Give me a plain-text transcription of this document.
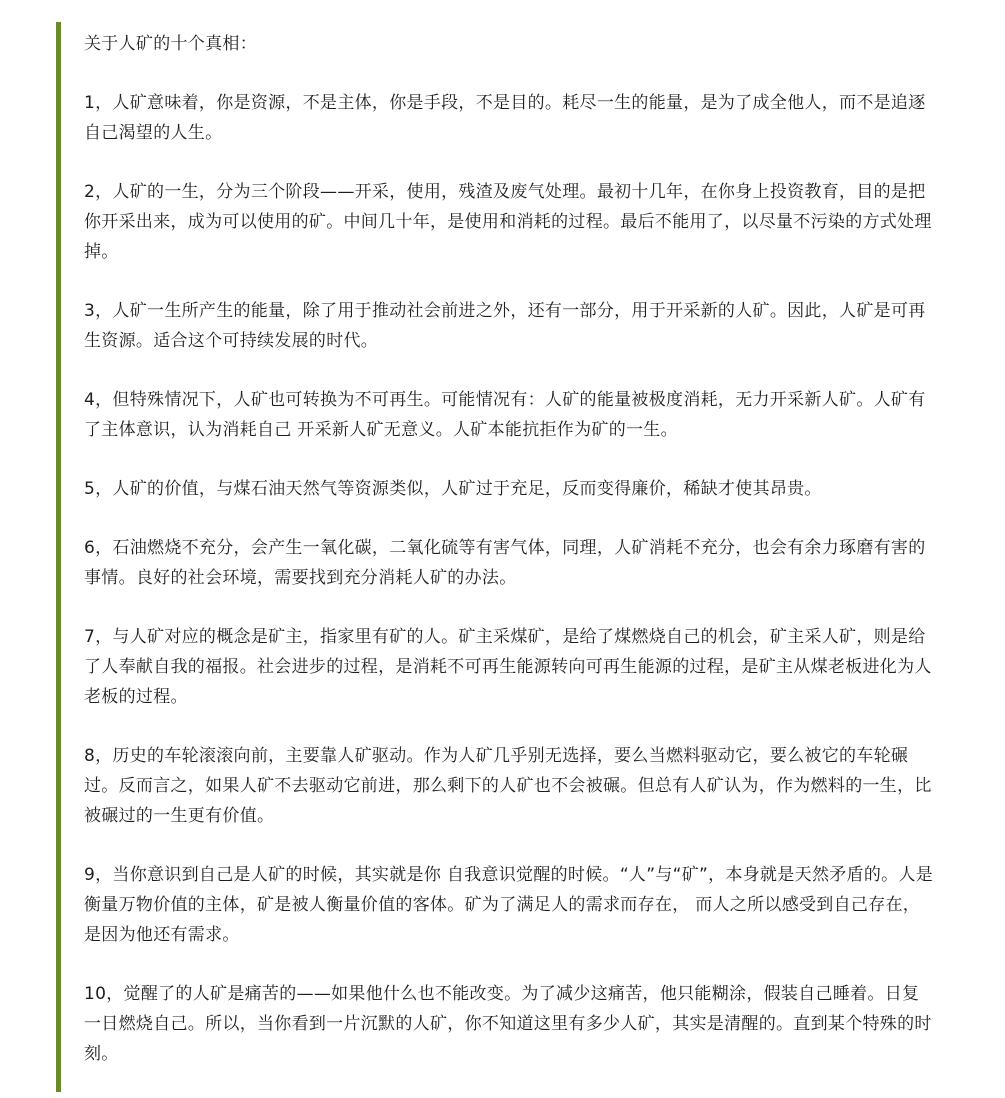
关于人矿的十个真相：
1，人矿意味着，你是资源，不是主体，你是手段，不是目的。耗尽一生的能量，是为了成全他人，而不是追逐
自己渴望的人生。
2，人矿的一生，分为三个阶段——开采，使用，残渣及废气处理。最初十几年，在你身上投资教育，目的是把
你开采出来，成为可以使用的矿。中间几十年，是使用和消耗的过程。最后不能用了，以尽量不污染的方式处理
掉。
3，人矿一生所产生的能量，除了用于推动社会前进之外，还有一部分，用于开采新的人矿。因此，人矿是可再
生资源。适合这个可持续发展的时代。
4，但特殊情况下，人矿也可转换为不可再生。可能情况有：人矿的能量被极度消耗，无力开采新人矿。人矿有
了主体意识，认为消耗自己 开采新人矿无意义。人矿本能抗拒作为矿的一生。
5，人矿的价值，与煤石油天然气等资源类似，人矿过于充足，反而变得廉价，稀缺才使其昂贵。
6，石油燃烧不充分，会产生一氧化碳，二氧化硫等有害气体，同理，人矿消耗不充分，也会有余力琢磨有害的
事情。良好的社会环境，需要找到充分消耗人矿的办法。
7，与人矿对应的概念是矿主，指家里有矿的人。矿主采煤矿，是给了煤燃烧自己的机会，矿主采人矿，则是给
了人奉献自我的福报。社会进步的过程，是消耗不可再生能源转向可再生能源的过程，是矿主从煤老板进化为人
老板的过程。
8，历史的车轮滚滚向前，主要靠人矿驱动。作为人矿几乎别无选择，要么当燃料驱动它，要么被它的车轮碾
过。反而言之，如果人矿不去驱动它前进，那么剩下的人矿也不会被碾。但总有人矿认为，作为燃料的一生，比
被碾过的一生更有价值。
9，当你意识到自己是人矿的时候，其实就是你 自我意识觉醒的时候。“人”与“矿”，本身就是天然矛盾的。人是
衡量万物价值的主体，矿是被人衡量价值的客体。矿为了满足人的需求而存在， 而人之所以感受到自己存在，
是因为他还有需求。
10，觉醒了的人矿是痛苦的——如果他什么也不能改变。为了减少这痛苦，他只能糊涂，假装自己睡着。日复
一日燃烧自己。所以，当你看到一片沉默的人矿，你不知道这里有多少人矿，其实是清醒的。直到某个特殊的时
刻。
